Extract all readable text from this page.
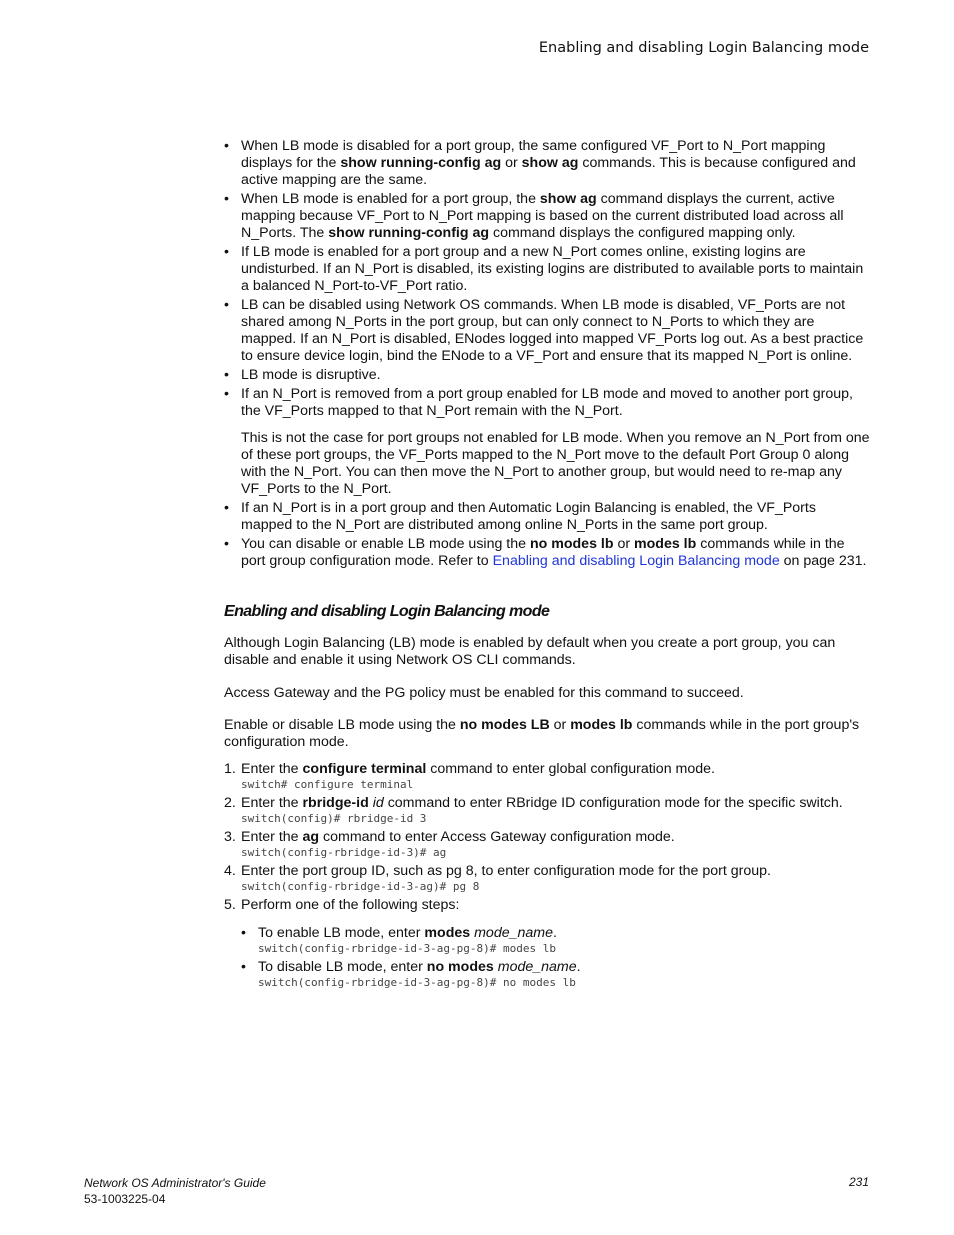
Enabling and disabling Login Balancing mode
• When LB mode is disabled for a port group, the same configured VF_Port to N_Port mapping displays for the show running-config ag or show ag commands. This is because configured and active mapping are the same.
• When LB mode is enabled for a port group, the show ag command displays the current, active mapping because VF_Port to N_Port mapping is based on the current distributed load across all N_Ports. The show running-config ag command displays the configured mapping only.
• If LB mode is enabled for a port group and a new N_Port comes online, existing logins are undisturbed. If an N_Port is disabled, its existing logins are distributed to available ports to maintain a balanced N_Port-to-VF_Port ratio.
• LB can be disabled using Network OS commands. When LB mode is disabled, VF_Ports are not shared among N_Ports in the port group, but can only connect to N_Ports to which they are mapped. If an N_Port is disabled, ENodes logged into mapped VF_Ports log out. As a best practice to ensure device login, bind the ENode to a VF_Port and ensure that its mapped N_Port is online.
• LB mode is disruptive.
• If an N_Port is removed from a port group enabled for LB mode and moved to another port group, the VF_Ports mapped to that N_Port remain with the N_Port.
This is not the case for port groups not enabled for LB mode. When you remove an N_Port from one of these port groups, the VF_Ports mapped to the N_Port move to the default Port Group 0 along with the N_Port. You can then move the N_Port to another group, but would need to re-map any VF_Ports to the N_Port.
• If an N_Port is in a port group and then Automatic Login Balancing is enabled, the VF_Ports mapped to the N_Port are distributed among online N_Ports in the same port group.
• You can disable or enable LB mode using the no modes lb or modes lb commands while in the port group configuration mode. Refer to Enabling and disabling Login Balancing mode on page 231.
Enabling and disabling Login Balancing mode

Although Login Balancing (LB) mode is enabled by default when you create a port group, you can disable and enable it using Network OS CLI commands.

Access Gateway and the PG policy must be enabled for this command to succeed.

Enable or disable LB mode using the no modes LB or modes lb commands while in the port group's configuration mode.

1. Enter the configure terminal command to enter global configuration mode.
switch# configure terminal
2. Enter the rbridge-id id command to enter RBridge ID configuration mode for the specific switch.
switch(config)# rbridge-id 3
3. Enter the ag command to enter Access Gateway configuration mode.
switch(config-rbridge-id-3)# ag
4. Enter the port group ID, such as pg 8, to enter configuration mode for the port group.
switch(config-rbridge-id-3-ag)# pg 8
5. Perform one of the following steps:
• To enable LB mode, enter modes mode_name.
switch(config-rbridge-id-3-ag-pg-8)# modes lb
• To disable LB mode, enter no modes mode_name.
switch(config-rbridge-id-3-ag-pg-8)# no modes lb
Network OS Administrator's Guide
53-1003225-04
231
